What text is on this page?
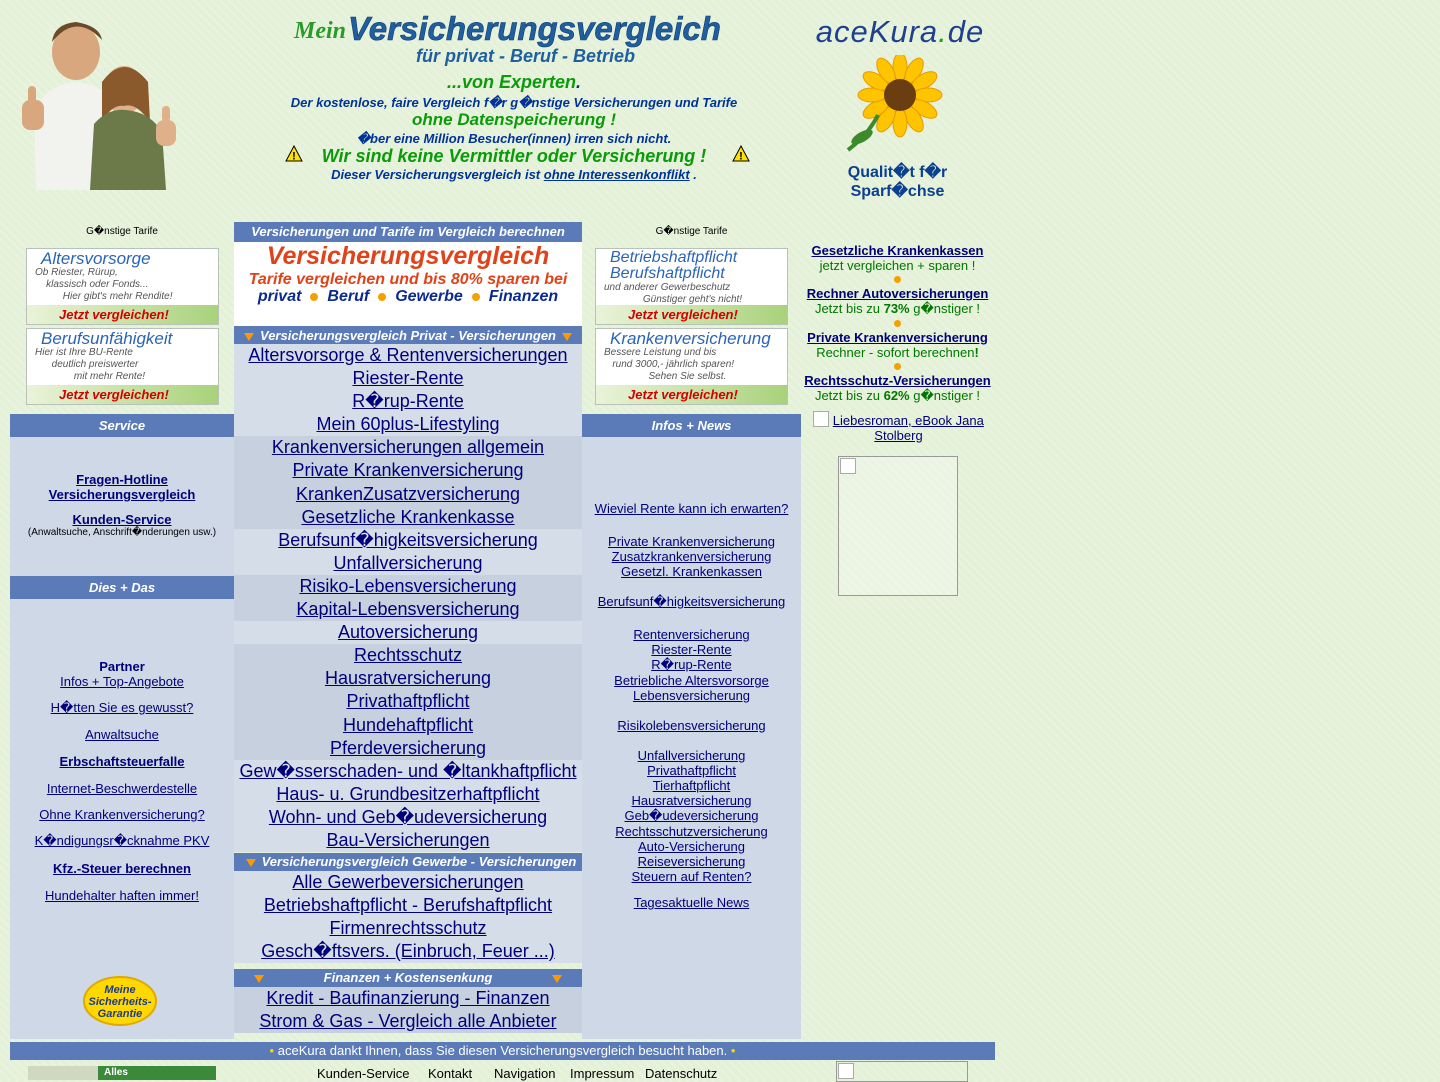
Mein Versicherungsvergleich
für privat - Beruf - Betrieb
...von Experten.
Der kostenlose, faire Vergleich f�r g�nstige Versicherungen und Tarife
ohne Datenspeicherung !
�ber eine Million Besucher(innen) irren sich nicht.
Wir sind keine Vermittler oder Versicherung !
!	!
Dieser Versicherungsvergleich ist ohne Interessenkonflikt .
aceKura.de
Qualit�t f�r
Sparf�chse
G�nstige Tarife
Altersvorsorge
Ob Riester, Rürup,
klassisch oder Fonds...
Hier gibt's mehr Rendite!
Jetzt vergleichen!
Berufsunfähigkeit
Hier ist Ihre BU-Rente
deutlich preiswerter
mit mehr Rente!
Jetzt vergleichen!
G�nstige Tarife
Betriebshaftpflicht
Berufshaftpflicht
und anderer Gewerbeschutz
Günstiger geht's nicht!
Jetzt vergleichen!
Krankenversicherung
Bessere Leistung und bis
rund 3000,- jährlich sparen!
Sehen Sie selbst.
Jetzt vergleichen!
Versicherungen und Tarife im Vergleich berechnen
Versicherungsvergleich
Tarife vergleichen und bis 80% sparen bei
privat Beruf Gewerbe Finanzen
Versicherungsvergleich Privat - Versicherungen
Altersvorsorge & Rentenversicherungen
Riester-Rente
R�rup-Rente
Mein 60plus-Lifestyling
Krankenversicherungen allgemein
Private Krankenversicherung
KrankenZusatzversicherung
Gesetzliche Krankenkasse
Berufsunf�higkeitsversicherung
Unfallversicherung
Risiko-Lebensversicherung
Kapital-Lebensversicherung
Autoversicherung
Rechtsschutz
Hausratversicherung
Privathaftpflicht
Hundehaftpflicht
Pferdeversicherung
Gew�sserschaden- und �ltankhaftpflicht
Haus- u. Grundbesitzerhaftpflicht
Wohn- und Geb�udeversicherung
Bau-Versicherungen
Versicherungsvergleich Gewerbe - Versicherungen
Alle Gewerbeversicherungen
Betriebshaftpflicht - Berufshaftpflicht
Firmenrechtsschutz
Gesch�ftsvers. (Einbruch, Feuer ...)
Finanzen + Kostensenkung
Kredit - Baufinanzierung - Finanzen
Strom & Gas - Vergleich alle Anbieter
Service
Fragen-Hotline
Versicherungsvergleich
Kunden-Service
(Anwaltsuche, Anschrift�nderungen usw.)
Dies + Das
Partner
Infos + Top-Angebote
H�tten Sie es gewusst?
Anwaltsuche
Erbschaftsteuerfalle
Internet-Beschwerdestelle
Ohne Krankenversicherung?
K�ndigungsr�cknahme PKV
Kfz.-Steuer berechnen
Hundehalter haften immer!
Meine
Sicherheits-
Garantie
Infos + News
Wieviel Rente kann ich erwarten?
Private Krankenversicherung
Zusatzkrankenversicherung
Gesetzl. Krankenkassen
Berufsunf�higkeitsversicherung
Rentenversicherung
Riester-Rente
R�rup-Rente
Betriebliche Altersvorsorge
Lebensversicherung
Risikolebensversicherung
Unfallversicherung
Privathaftpflicht
Tierhaftpflicht
Hausratversicherung
Geb�udeversicherung
Rechtsschutzversicherung
Auto-Versicherung
Reiseversicherung
Steuern auf Renten?
Tagesaktuelle News
Gesetzliche Krankenkassen
jetzt vergleichen + sparen !
Rechner Autoversicherungen
Jetzt bis zu 73% g�nstiger !
Private Krankenversicherung
Rechner - sofort berechnen!
Rechtsschutz-Versicherungen
Jetzt bis zu 62% g�nstiger !
Liebesroman, eBook Jana Stolberg
• aceKura dankt Ihnen, dass Sie diesen Versicherungsvergleich besucht haben. •
Alles	Kunden-Service Kontakt Navigation Impressum Datenschutz
